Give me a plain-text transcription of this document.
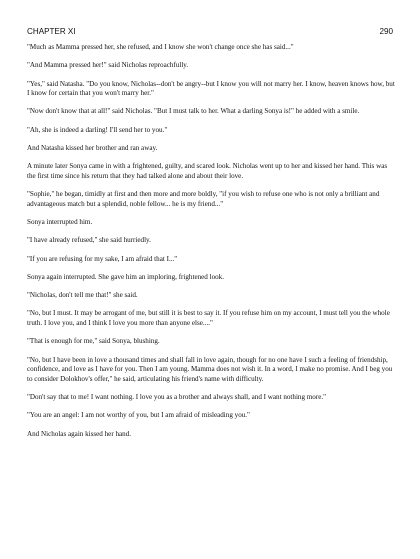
CHAPTER XI	290

"Much as Mamma pressed her, she refused, and I know she won't change once she has said..."

"And Mamma pressed her!" said Nicholas reproachfully.

"Yes," said Natasha. "Do you know, Nicholas--don't be angry--but I know you will not marry her. I know, heaven knows how, but I know for certain that you won't marry her."

"Now don't know that at all!" said Nicholas. "But I must talk to her. What a darling Sonya is!" he added with a smile.

"Ah, she is indeed a darling! I'll send her to you."

And Natasha kissed her brother and ran away.

A minute later Sonya came in with a frightened, guilty, and scared look. Nicholas went up to her and kissed her hand. This was the first time since his return that they had talked alone and about their love.

"Sophie," he began, timidly at first and then more and more boldly, "if you wish to refuse one who is not only a brilliant and advantageous match but a splendid, noble fellow... he is my friend..."

Sonya interrupted him.

"I have already refused," she said hurriedly.

"If you are refusing for my sake, I am afraid that I..."

Sonya again interrupted. She gave him an imploring, frightened look.

"Nicholas, don't tell me that!" she said.

"No, but I must. It may be arrogant of me, but still it is best to say it. If you refuse him on my account, I must tell you the whole truth. I love you, and I think I love you more than anyone else...."

"That is enough for me," said Sonya, blushing.

"No, but I have been in love a thousand times and shall fall in love again, though for no one have I such a feeling of friendship, confidence, and love as I have for you. Then I am young. Mamma does not wish it. In a word, I make no promise. And I beg you to consider Dolokhov's offer," he said, articulating his friend's name with difficulty.

"Don't say that to me! I want nothing. I love you as a brother and always shall, and I want nothing more."

"You are an angel: I am not worthy of you, but I am afraid of misleading you."

And Nicholas again kissed her hand.
